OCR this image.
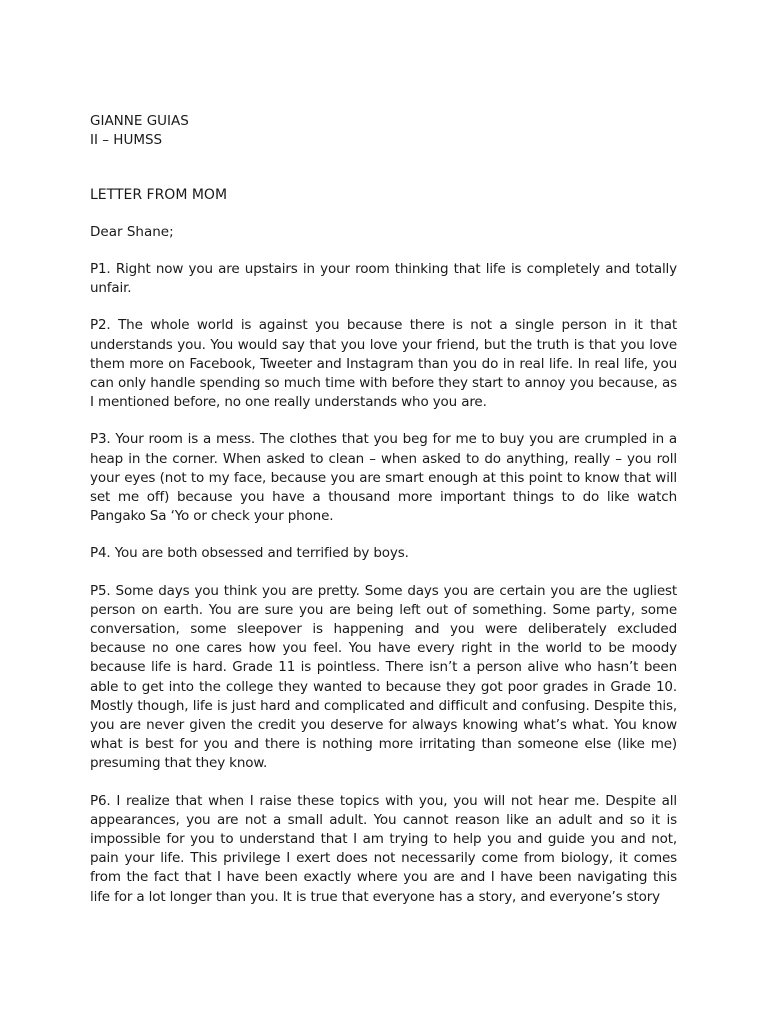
GIANNE GUIAS

II – HUMSS

LETTER FROM MOM

Dear Shane;

P1. Right now you are upstairs in your room thinking that life is completely and totally unfair.

P2. The whole world is against you because there is not a single person in it that understands you. You would say that you love your friend, but the truth is that you love them more on Facebook, Tweeter and Instagram than you do in real life. In real life, you can only handle spending so much time with before they start to annoy you because, as I mentioned before, no one really understands who you are.

P3. Your room is a mess. The clothes that you beg for me to buy you are crumpled in a heap in the corner. When asked to clean – when asked to do anything, really – you roll your eyes (not to my face, because you are smart enough at this point to know that will set me off) because you have a thousand more important things to do like watch Pangako Sa ‘Yo or check your phone.

P4. You are both obsessed and terrified by boys.

P5. Some days you think you are pretty. Some days you are certain you are the ugliest person on earth. You are sure you are being left out of something. Some party, some conversation, some sleepover is happening and you were deliberately excluded because no one cares how you feel. You have every right in the world to be moody because life is hard. Grade 11 is pointless. There isn’t a person alive who hasn’t been able to get into the college they wanted to because they got poor grades in Grade 10. Mostly though, life is just hard and complicated and difficult and confusing. Despite this, you are never given the credit you deserve for always knowing what’s what. You know what is best for you and there is nothing more irritating than someone else (like me) presuming that they know.

P6. I realize that when I raise these topics with you, you will not hear me. Despite all appearances, you are not a small adult. You cannot reason like an adult and so it is impossible for you to understand that I am trying to help you and guide you and not, pain your life. This privilege I exert does not necessarily come from biology, it comes from the fact that I have been exactly where you are and I have been navigating this life for a lot longer than you. It is true that everyone has a story, and everyone’s story
